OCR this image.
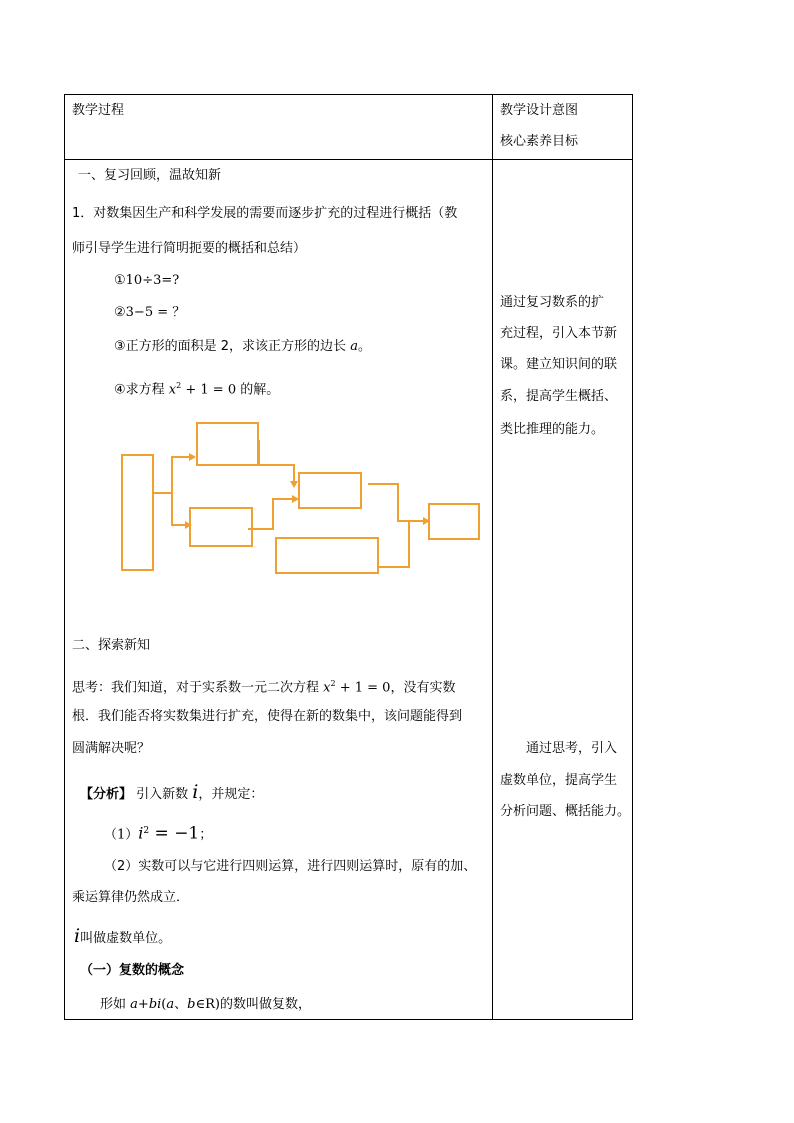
教学过程	教学设计意图
核心素养目标
一、复习回顾，温故知新
1．对数集因生产和科学发展的需要而逐步扩充的过程进行概括（教
师引导学生进行简明扼要的概括和总结）
①10÷3=?
②3−5 = ？
③正方形的面积是 2，求该正方形的边长 a。
④求方程 $x^2 + 1 = 0$ 的解。
二、探索新知
思考：我们知道，对于实系数一元二次方程 $x^2 + 1 = 0$，没有实数
根．我们能否将实数集进行扩充，使得在新的数集中，该问题能得到
圆满解决呢？
【分析】 引入新数 i，并规定：
$(1)i^2 = -1$；
（2）实数可以与它进行四则运算，进行四则运算时，原有的加、
乘运算律仍然成立．
i叫做虚数单位。
（一）复数的概念
形如 a+bi(a、b∈R)的数叫做复数，
通过复习数系的扩
充过程，引入本节新
课。建立知识间的联
系，提高学生概括、
类比推理的能力。
通过思考，引入
虚数单位，提高学生
分析问题、概括能力。
